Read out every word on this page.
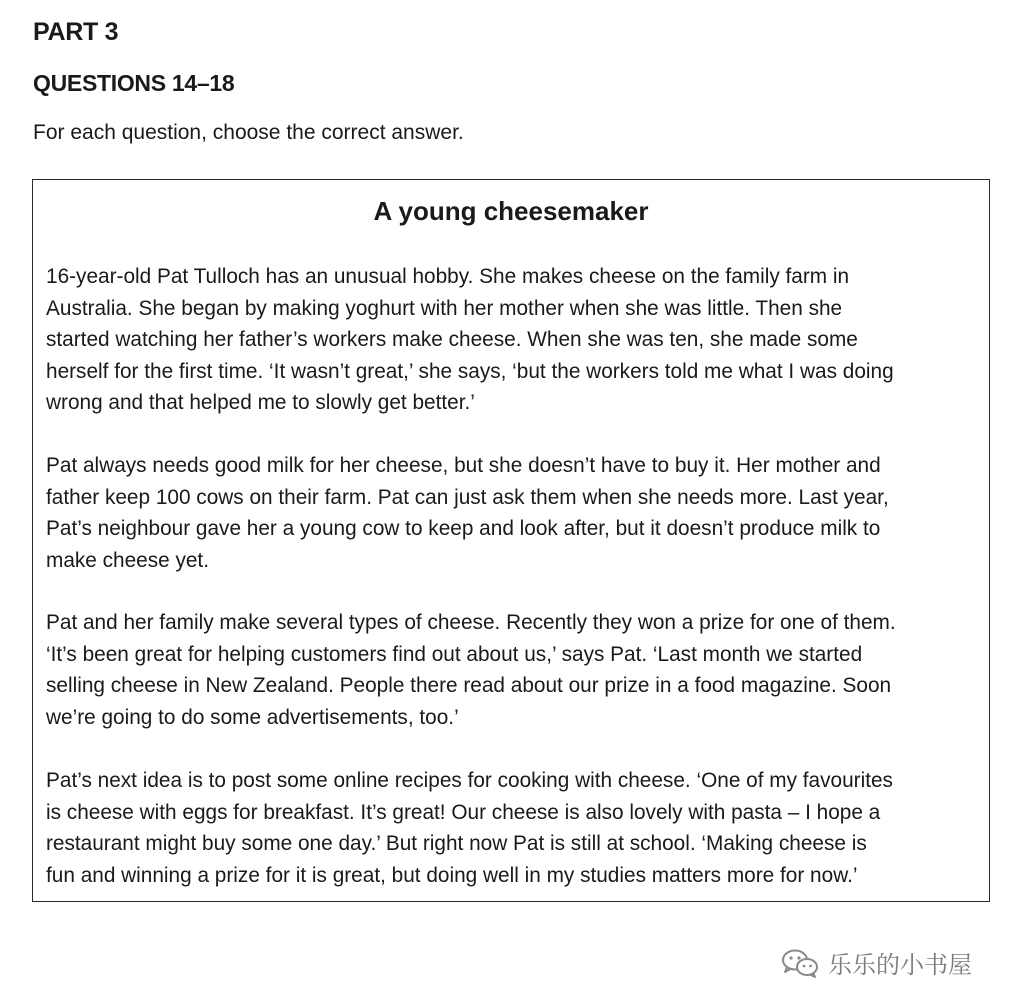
PART 3
QUESTIONS 14–18

For each question, choose the correct answer.

A young cheesemaker

16-year-old Pat Tulloch has an unusual hobby. She makes cheese on the family farm in
Australia. She began by making yoghurt with her mother when she was little. Then she
started watching her father’s workers make cheese. When she was ten, she made some
herself for the first time. ‘It wasn’t great,’ she says, ‘but the workers told me what I was doing
wrong and that helped me to slowly get better.’

Pat always needs good milk for her cheese, but she doesn’t have to buy it. Her mother and
father keep 100 cows on their farm. Pat can just ask them when she needs more. Last year,
Pat’s neighbour gave her a young cow to keep and look after, but it doesn’t produce milk to
make cheese yet.

Pat and her family make several types of cheese. Recently they won a prize for one of them.
‘It’s been great for helping customers find out about us,’ says Pat. ‘Last month we started
selling cheese in New Zealand. People there read about our prize in a food magazine. Soon
we’re going to do some advertisements, too.’

Pat’s next idea is to post some online recipes for cooking with cheese. ‘One of my favourites
is cheese with eggs for breakfast. It’s great! Our cheese is also lovely with pasta – I hope a
restaurant might buy some one day.’ But right now Pat is still at school. ‘Making cheese is
fun and winning a prize for it is great, but doing well in my studies matters more for now.’

乐乐的小书屋
